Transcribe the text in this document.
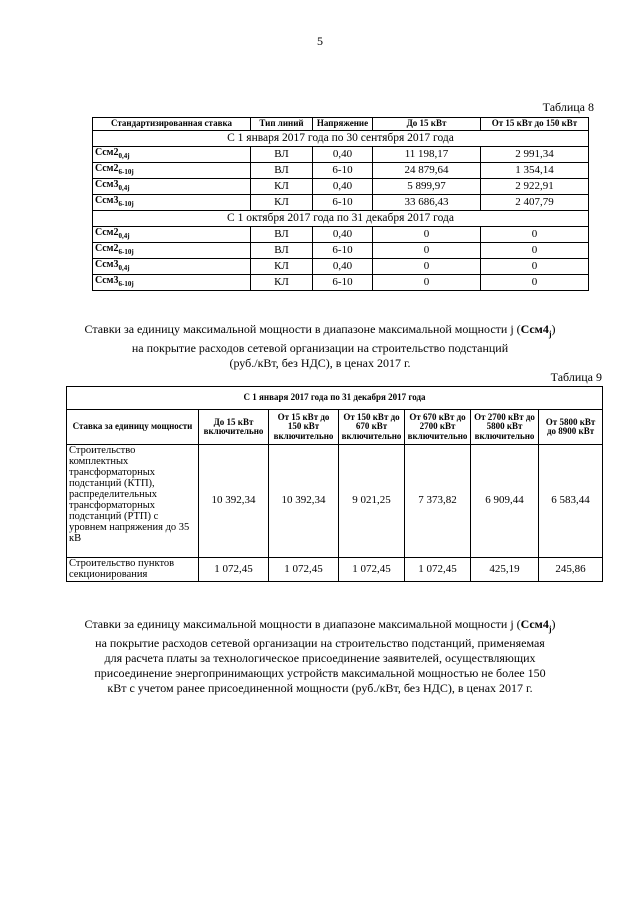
5
Таблица 8
Стандартизированная ставка	Тип линий	Напряжение	До 15 кВт	От 15 кВт до 150 кВт
С 1 января 2017 года по 30 сентября 2017 года				
$Cсм2_{0,4j}$	ВЛ	0,40	11 198,17	2 991,34
$Cсм2_{6-10j}$	ВЛ	6-10	24 879,64	1 354,14
$Cсм3_{0,4j}$	КЛ	0,40	5 899,97	2 922,91
$Cсм3_{6-10j}$	КЛ	6-10	33 686,43	2 407,79
С 1 октября 2017 года по 31 декабря 2017 года				
$Cсм2_{0,4j}$	ВЛ	0,40	0	0
$Cсм2_{6-10j}$	ВЛ	6-10	0	0
$Cсм3_{0,4j}$	КЛ	0,40	0	0
$Cсм3_{6-10j}$	КЛ	6-10	0	0
Ставки за единицу максимальной мощности в диапазоне максимальной мощности j $(Cсм4_j)$
на покрытие расходов сетевой организации на строительство подстанций
(руб./кВт, без НДС), в ценах 2017 г.
Таблица 9
С 1 января 2017 года по 31 декабря 2017 года						
Ставка за единицу мощности	До 15 кВт включительно	От 15 кВт до 150 кВт включительно	От 150 кВт до 670 кВт включительно	От 670 кВт до 2700 кВт включительно	От 2700 кВт до 5800 кВт включительно	От 5800 кВт до 8900 кВт
Строительство комплектных трансформаторных подстанций (КТП), распределительных трансформаторных подстанций (РТП) с уровнем напряжения до 35 кВ	10 392,34	10 392,34	9 021,25	7 373,82	6 909,44	6 583,44
Строительство пунктов секционирования	1 072,45	1 072,45	1 072,45	1 072,45	425,19	245,86
Ставки за единицу максимальной мощности в диапазоне максимальной мощности j $(Cсм4_j)$
на покрытие расходов сетевой организации на строительство подстанций, применяемая
для расчета платы за технологическое присоединение заявителей, осуществляющих
присоединение энергопринимающих устройств максимальной мощностью не более 150
кВт с учетом ранее присоединенной мощности (руб./кВт, без НДС), в ценах 2017 г.
